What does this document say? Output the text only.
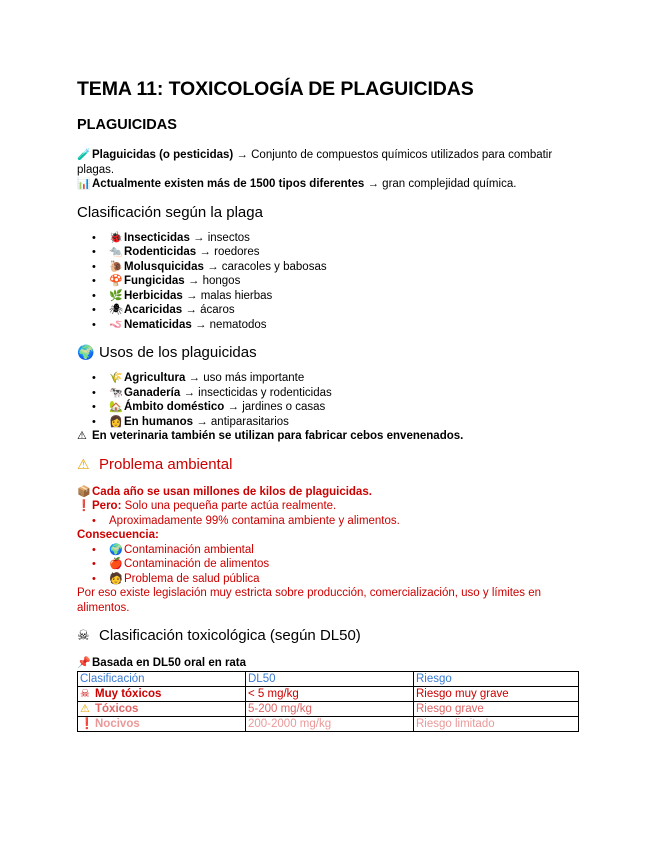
TEMA 11: TOXICOLOGÍA DE PLAGUICIDAS
PLAGUICIDAS

🧪Plaguicidas (o pesticidas) → Conjunto de compuestos químicos utilizados para combatir plagas.

📊Actualmente existen más de 1500 tipos diferentes → gran complejidad química.

Clasificación según la plaga
• 🐞Insecticidas → insectos
• 🐀Rodenticidas → roedores
• 🐌Molusquicidas → caracoles y babosas
• 🍄Fungicidas → hongos
• 🌿Herbicidas → malas hierbas
• 🕷Acaricidas → ácaros
• 🪱Nematicidas → nematodos
🌍 Usos de los plaguicidas
• 🌾Agricultura → uso más importante
• 🐄Ganadería → insecticidas y rodenticidas
• 🏡Ámbito doméstico → jardines o casas
• 👩En humanos → antiparasitarios

⚠ En veterinaria también se utilizan para fabricar cebos envenenados.

⚠ Problema ambiental

📦Cada año se usan millones de kilos de plaguicidas.

❗Pero: Solo una pequeña parte actúa realmente.

• Aproximadamente 99% contamina ambiente y alimentos.

Consecuencia:

• 🌍Contaminación ambiental
• 🍎Contaminación de alimentos
• 🧑Problema de salud pública

Por eso existe legislación muy estricta sobre producción, comercialización, uso y límites en alimentos.

☠ Clasificación toxicológica (según DL50)

📌Basada en DL50 oral en rata

Clasificación	DL50	Riesgo
☠ Muy tóxicos	< 5 mg/kg	Riesgo muy grave
⚠ Tóxicos	5-200 mg/kg	Riesgo grave
❗Nocivos	200-2000 mg/kg	Riesgo limitado
